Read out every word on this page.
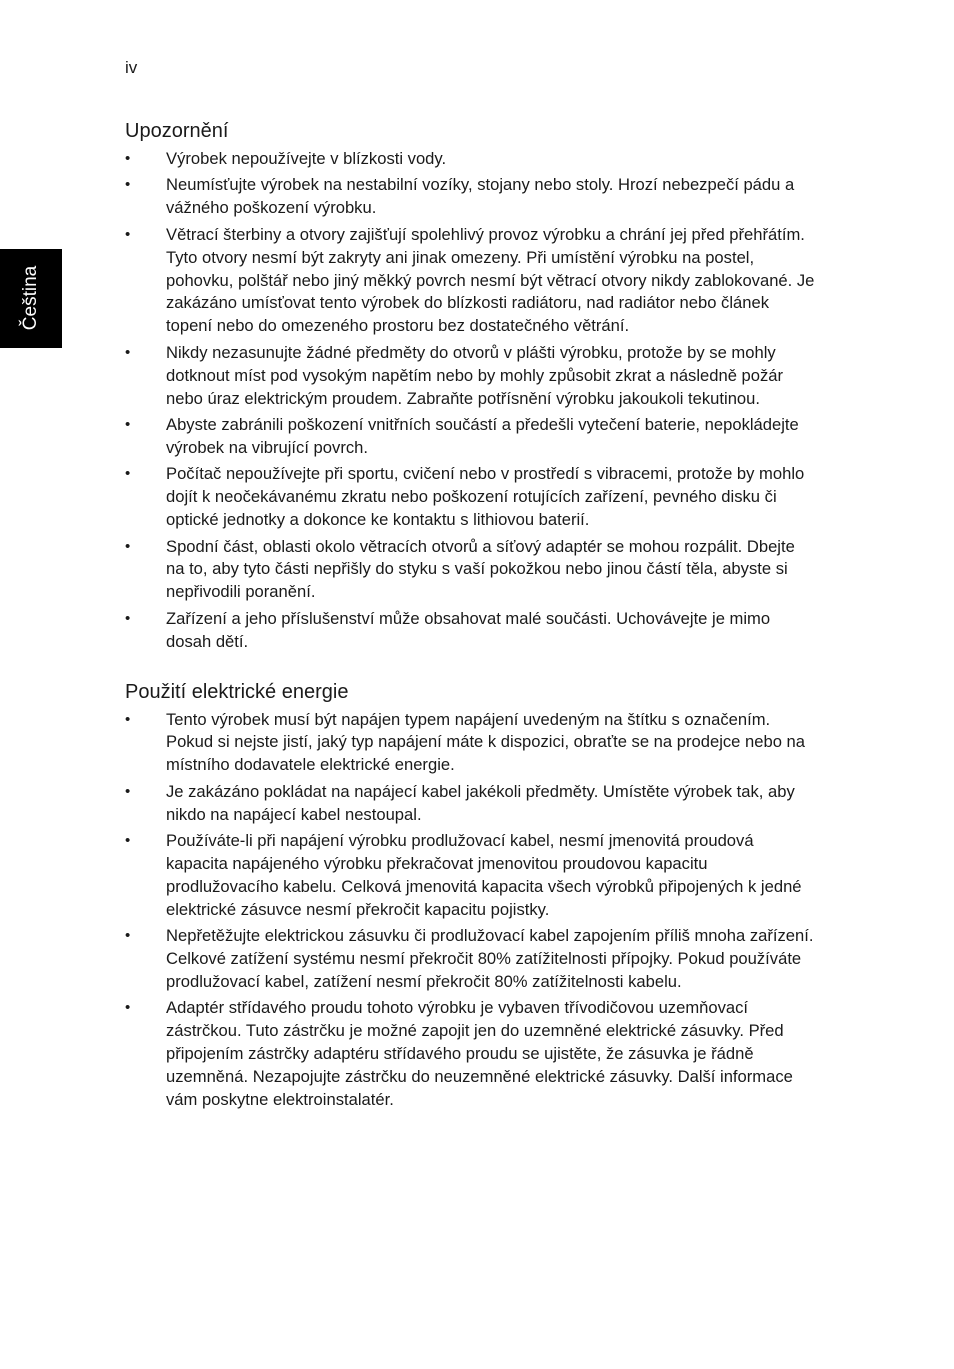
iv
Čeština
Upozornění
• Výrobek nepoužívejte v blízkosti vody.
• Neumísťujte výrobek na nestabilní vozíky, stojany nebo stoly. Hrozí nebezpečí pádu a vážného poškození výrobku.
• Větrací šterbiny a otvory zajišťují spolehlivý provoz výrobku a chrání jej před přehřátím. Tyto otvory nesmí být zakryty ani jinak omezeny. Při umístění výrobku na postel, pohovku, polštář nebo jiný měkký povrch nesmí být větrací otvory nikdy zablokované. Je zakázáno umísťovat tento výrobek do blízkosti radiátoru, nad radiátor nebo článek topení nebo do omezeného prostoru bez dostatečného větrání.
• Nikdy nezasunujte žádné předměty do otvorů v plášti výrobku, protože by se mohly dotknout míst pod vysokým napětím nebo by mohly způsobit zkrat a následně požár nebo úraz elektrickým proudem. Zabraňte potřísnění výrobku jakoukoli tekutinou.
• Abyste zabránili poškození vnitřních součástí a předešli vytečení baterie, nepokládejte výrobek na vibrující povrch.
• Počítač nepoužívejte při sportu, cvičení nebo v prostředí s vibracemi, protože by mohlo dojít k neočekávanému zkratu nebo poškození rotujících zařízení, pevného disku či optické jednotky a dokonce ke kontaktu s lithiovou baterií.
• Spodní část, oblasti okolo větracích otvorů a síťový adaptér se mohou rozpálit. Dbejte na to, aby tyto části nepřišly do styku s vaší pokožkou nebo jinou částí těla, abyste si nepřivodili poranění.
• Zařízení a jeho příslušenství může obsahovat malé součásti. Uchovávejte je mimo dosah dětí.
Použití elektrické energie
• Tento výrobek musí být napájen typem napájení uvedeným na štítku s označením. Pokud si nejste jistí, jaký typ napájení máte k dispozici, obraťte se na prodejce nebo na místního dodavatele elektrické energie.
• Je zakázáno pokládat na napájecí kabel jakékoli předměty. Umístěte výrobek tak, aby nikdo na napájecí kabel nestoupal.
• Používáte-li při napájení výrobku prodlužovací kabel, nesmí jmenovitá proudová kapacita napájeného výrobku překračovat jmenovitou proudovou kapacitu prodlužovacího kabelu. Celková jmenovitá kapacita všech výrobků připojených k jedné elektrické zásuvce nesmí překročit kapacitu pojistky.
• Nepřetěžujte elektrickou zásuvku či prodlužovací kabel zapojením příliš mnoha zařízení. Celkové zatížení systému nesmí překročit 80% zatížitelnosti přípojky. Pokud používáte prodlužovací kabel, zatížení nesmí překročit 80% zatížitelnosti kabelu.
• Adaptér střídavého proudu tohoto výrobku je vybaven třívodičovou uzemňovací zástrčkou. Tuto zástrčku je možné zapojit jen do uzemněné elektrické zásuvky. Před připojením zástrčky adaptéru střídavého proudu se ujistěte, že zásuvka je řádně uzemněná. Nezapojujte zástrčku do neuzemněné elektrické zásuvky. Další informace vám poskytne elektroinstalatér.
